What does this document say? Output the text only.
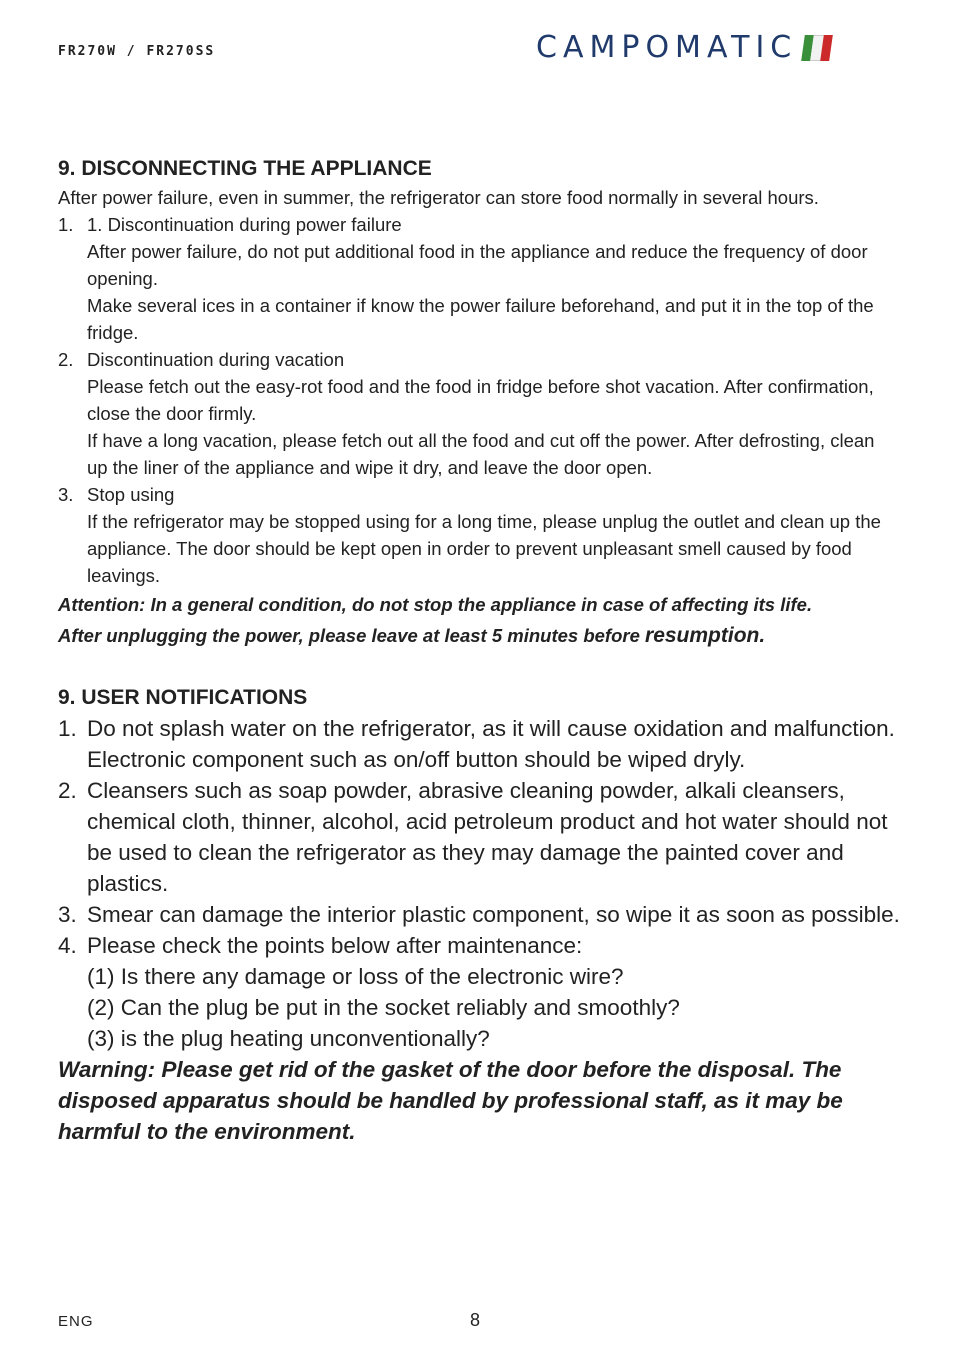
FR270W / FR270SS	CAMPOMATIC
9. DISCONNECTING THE APPLIANCE

After power failure, even in summer, the refrigerator can store food normally in several hours.

1. 1. Discontinuation during power failure
After power failure, do not put additional food in the appliance and reduce the frequency of door opening.
Make several ices in a container if know the power failure beforehand, and put it in the top of the fridge.
2. Discontinuation during vacation
Please fetch out the easy-rot food and the food in fridge before shot vacation. After confirmation, close the door firmly.
If have a long vacation, please fetch out all the food and cut off the power. After defrosting, clean up the liner of the appliance and wipe it dry, and leave the door open.
3. Stop using
If the refrigerator may be stopped using for a long time, please unplug the outlet and clean up the appliance. The door should be kept open in order to prevent unpleasant smell caused by food leavings.

Attention: In a general condition, do not stop the appliance in case of affecting its life.

After unplugging the power, please leave at least 5 minutes before resumption.

9. USER NOTIFICATIONS
1. Do not splash water on the refrigerator, as it will cause oxidation and malfunction. Electronic component such as on/off button should be wiped dryly.
2. Cleansers such as soap powder, abrasive cleaning powder, alkali cleansers, chemical cloth, thinner, alcohol, acid petroleum product and hot water should not be used to clean the refrigerator as they may damage the painted cover and plastics.
3. Smear can damage the interior plastic component, so wipe it as soon as possible.
4. Please check the points below after maintenance:
(1) Is there any damage or loss of the electronic wire?
(2) Can the plug be put in the socket reliably and smoothly?
(3) is the plug heating unconventionally?

Warning: Please get rid of the gasket of the door before the disposal. The disposed apparatus should be handled by professional staff, as it may be harmful to the environment.

ENG	8
